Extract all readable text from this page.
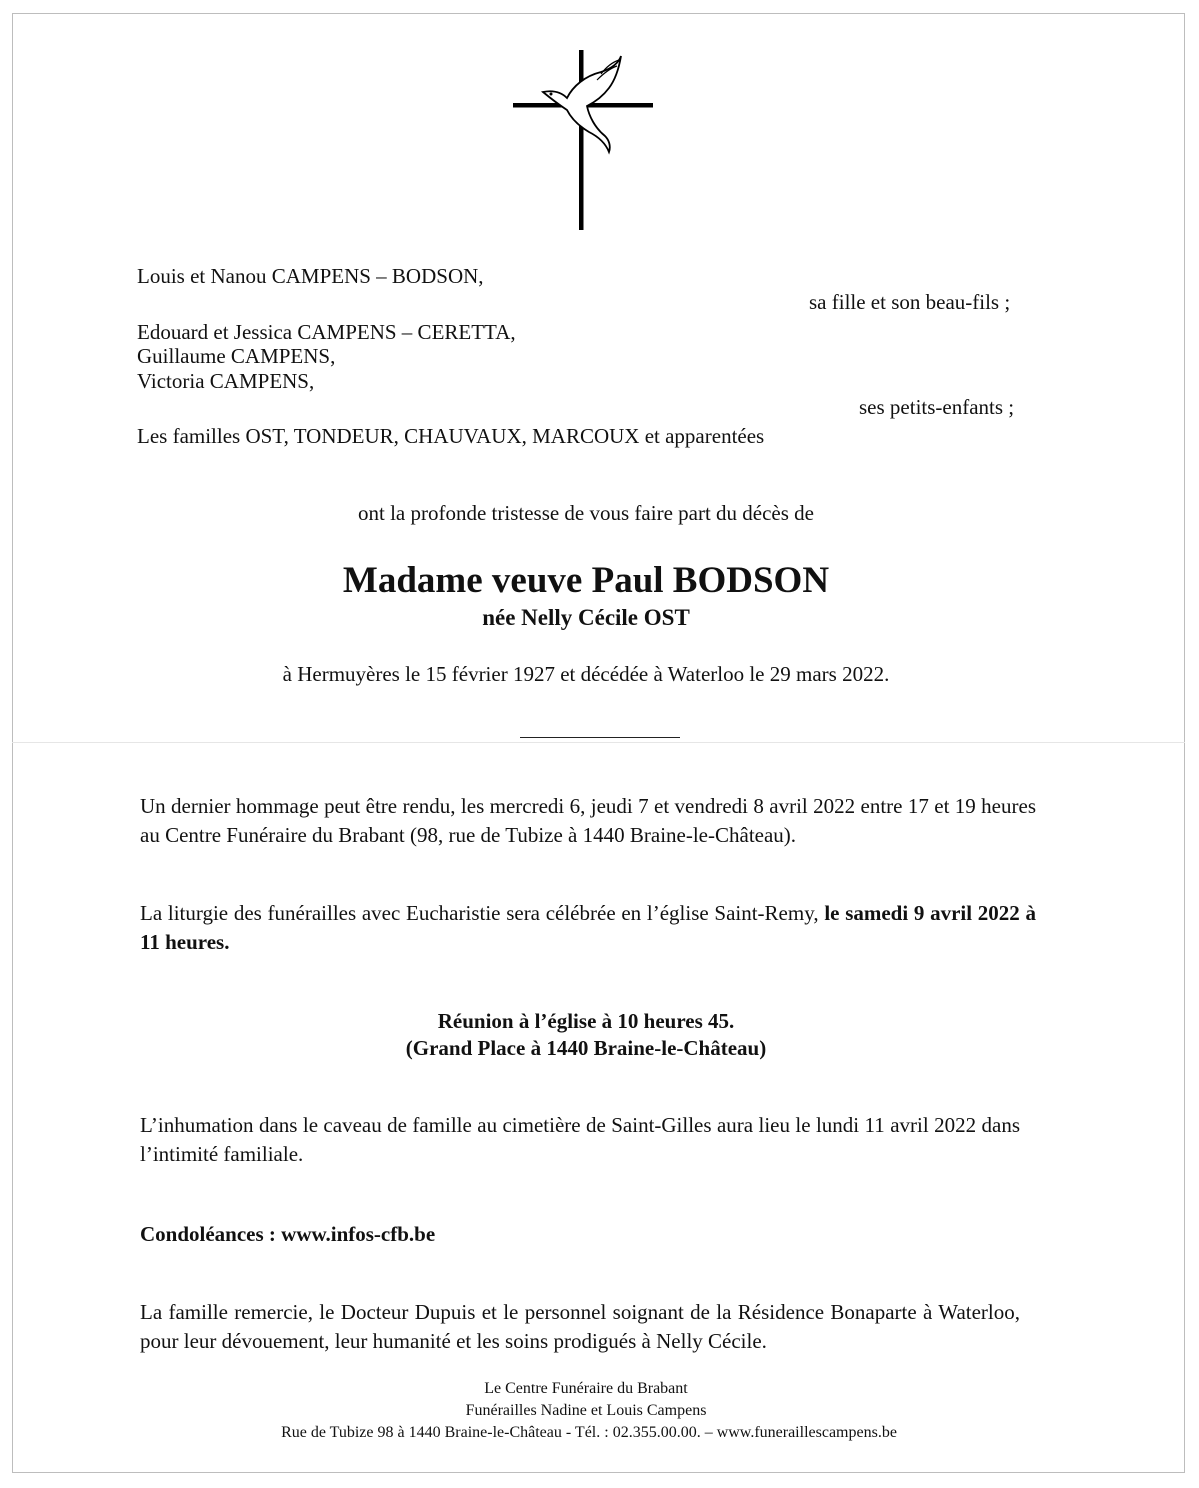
Louis et Nanou CAMPENS – BODSON,
sa fille et son beau-fils ;
Edouard et Jessica CAMPENS – CERETTA,
Guillaume CAMPENS,
Victoria CAMPENS,
ses petits-enfants ;
Les familles OST, TONDEUR, CHAUVAUX, MARCOUX et apparentées
ont la profonde tristesse de vous faire part du décès de
Madame veuve Paul BODSON
née Nelly Cécile OST
à Hermuyères le 15 février 1927 et décédée à Waterloo le 29 mars 2022.
Un dernier hommage peut être rendu, les mercredi 6, jeudi 7 et vendredi 8 avril 2022 entre 17 et 19 heures au Centre Funéraire du Brabant (98, rue de Tubize à 1440 Braine-le-Château).
La liturgie des funérailles avec Eucharistie sera célébrée en l’église Saint-Remy, le samedi 9 avril 2022 à 11 heures.
Réunion à l’église à 10 heures 45.
(Grand Place à 1440 Braine-le-Château)
L’inhumation dans le caveau de famille au cimetière de Saint-Gilles aura lieu le lundi 11 avril 2022 dans l’intimité familiale.
Condoléances : www.infos-cfb.be
La famille remercie, le Docteur Dupuis et le personnel soignant de la Résidence Bonaparte à Waterloo, pour leur dévouement, leur humanité et les soins prodigués à Nelly Cécile.
Le Centre Funéraire du Brabant
Funérailles Nadine et Louis Campens
Rue de Tubize 98 à 1440 Braine-le-Château - Tél. : 02.355.00.00. – www.funeraillescampens.be
